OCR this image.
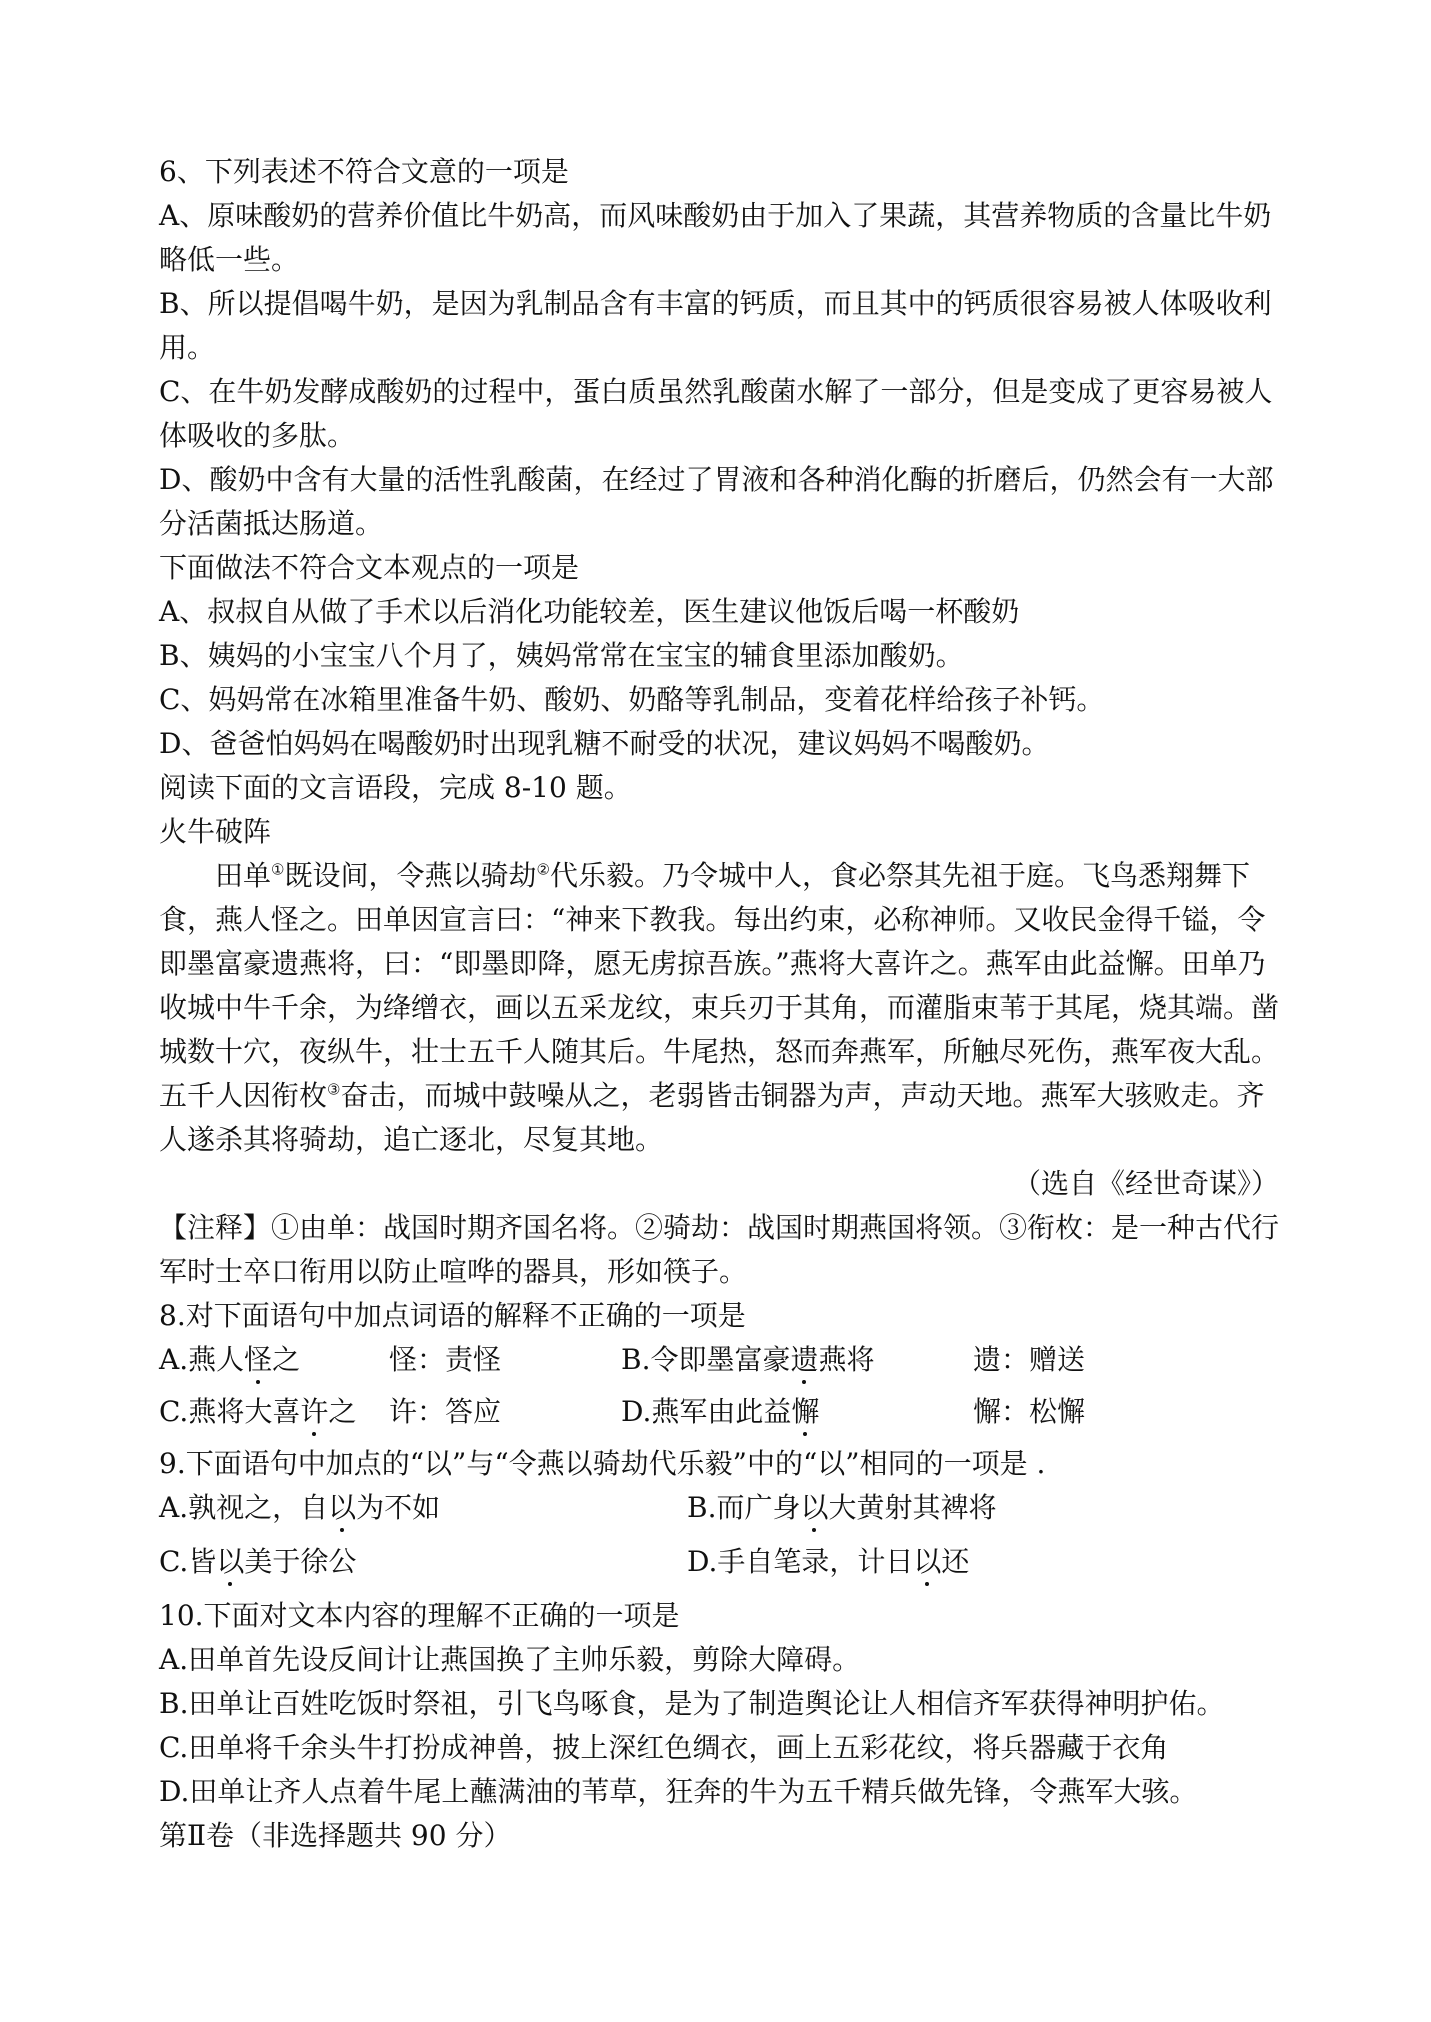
6、下列表述不符合文意的一项是
A、原味酸奶的营养价值比牛奶高，而风味酸奶由于加入了果蔬，其营养物质的含量比牛奶略低一些。
B、所以提倡喝牛奶，是因为乳制品含有丰富的钙质，而且其中的钙质很容易被人体吸收利用。
C、在牛奶发酵成酸奶的过程中，蛋白质虽然乳酸菌水解了一部分，但是变成了更容易被人体吸收的多肽。
D、酸奶中含有大量的活性乳酸菌，在经过了胃液和各种消化酶的折磨后，仍然会有一大部分活菌抵达肠道。
下面做法不符合文本观点的一项是
A、叔叔自从做了手术以后消化功能较差，医生建议他饭后喝一杯酸奶
B、姨妈的小宝宝八个月了，姨妈常常在宝宝的辅食里添加酸奶。
C、妈妈常在冰箱里准备牛奶、酸奶、奶酪等乳制品，变着花样给孩子补钙。
D、爸爸怕妈妈在喝酸奶时出现乳糖不耐受的状况，建议妈妈不喝酸奶。
阅读下面的文言语段，完成 8-10 题。
火牛破阵

田单①既设间，令燕以骑劫②代乐毅。乃令城中人，食必祭其先祖于庭。飞鸟悉翔舞下食，燕人怪之。田单因宣言曰：“神来下教我。每出约束，必称神师。又收民金得千镒，令即墨富豪遗燕将，曰：“即墨即降，愿无虏掠吾族。”燕将大喜许之。燕军由此益懈。田单乃收城中牛千余，为绛缯衣，画以五采龙纹，束兵刃于其角，而灌脂束苇于其尾，烧其端。凿城数十穴，夜纵牛，壮士五千人随其后。牛尾热，怒而奔燕军，所触尽死伤，燕军夜大乱。五千人因衔枚③奋击，而城中鼓噪从之，老弱皆击铜器为声，声动天地。燕军大骇败走。齐人遂杀其将骑劫，追亡逐北，尽复其地。

（选自《经世奇谋》）
【注释】①由单：战国时期齐国名将。②骑劫：战国时期燕国将领。③衔枚：是一种古代行军时士卒口衔用以防止喧哗的器具，形如筷子。
8.对下面语句中加点词语的解释不正确的一项是
A.燕人怪之	怪：责怪	B.令即墨富豪遗燕将	遗：赠送
C.燕将大喜许之	许：答应	D.燕军由此益懈	懈：松懈
9.下面语句中加点的“以”与“令燕以骑劫代乐毅”中的“以”相同的一项是 .
A.孰视之，自以为不如	B.而广身以大黄射其裨将
C.皆以美于徐公	D.手自笔录，计日以还
10.下面对文本内容的理解不正确的一项是
A.田单首先设反间计让燕国换了主帅乐毅，剪除大障碍。
B.田单让百姓吃饭时祭祖，引飞鸟啄食，是为了制造舆论让人相信齐军获得神明护佑。
C.田单将千余头牛打扮成神兽，披上深红色绸衣，画上五彩花纹，将兵器藏于衣角
D.田单让齐人点着牛尾上蘸满油的苇草，狂奔的牛为五千精兵做先锋，令燕军大骇。
第Ⅱ卷（非选择题共 90 分）
